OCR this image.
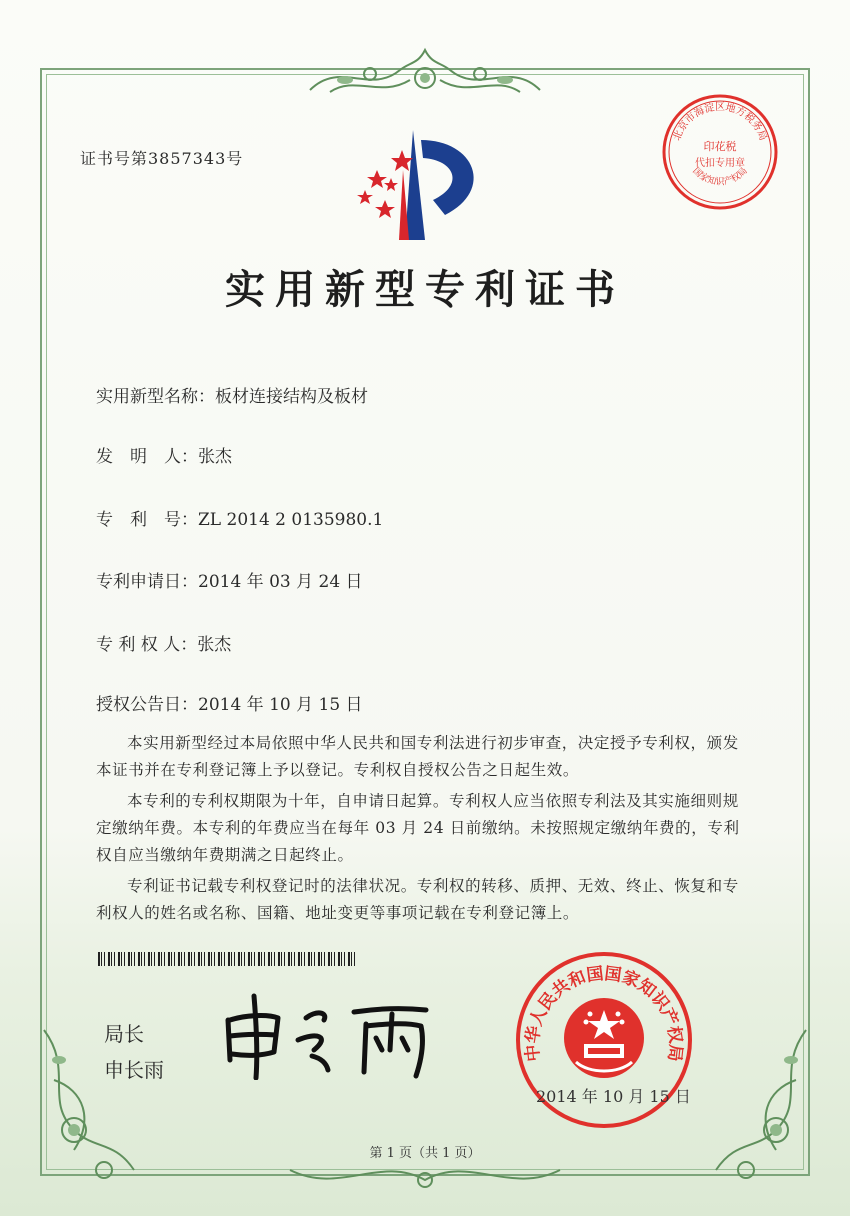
证书号第3857343号
北京市海淀区地方税务局
印花税
代扣专用章
国家知识产权局
实用新型专利证书
实用新型名称：板材连接结构及板材
发　明　人：张杰
专　利　号：ZL 2014 2 0135980.1
专利申请日：2014 年 03 月 24 日
专 利 权 人：张杰
授权公告日：2014 年 10 月 15 日

本实用新型经过本局依照中华人民共和国专利法进行初步审查，决定授予专利权，颁发本证书并在专利登记簿上予以登记。专利权自授权公告之日起生效。

本专利的专利权期限为十年，自申请日起算。专利权人应当依照专利法及其实施细则规定缴纳年费。本专利的年费应当在每年 03 月 24 日前缴纳。未按照规定缴纳年费的，专利权自应当缴纳年费期满之日起终止。

专利证书记载专利权登记时的法律状况。专利权的转移、质押、无效、终止、恢复和专利权人的姓名或名称、国籍、地址变更等事项记载在专利登记簿上。

局长
申长雨
中华人民共和国国家知识产权局
2014 年 10 月 15 日
第 1 页（共 1 页）
